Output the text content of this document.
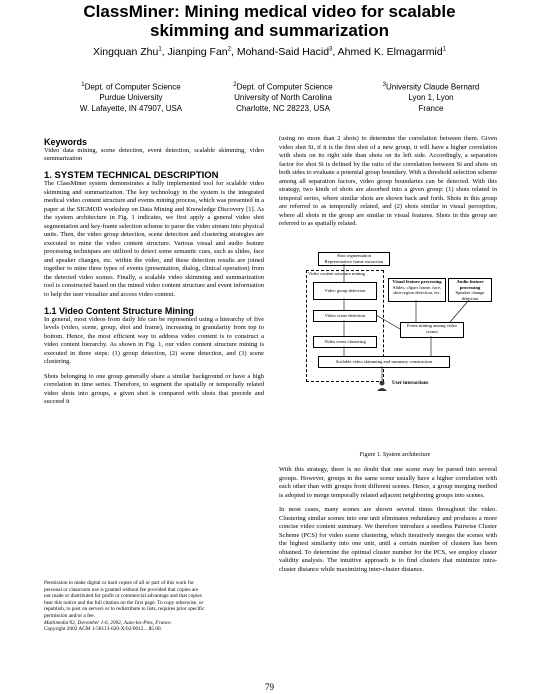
ClassMiner: Mining medical video for scalable
skimming and summarization
Xingquan Zhu$^1$, Jianping Fan$^2$, Mohand-Said Hacid$^3$, Ahmed K. Elmagarmid$^1$
$^1$Dept. of Computer Science
Purdue University
W. Lafayette, IN 47907, USA
$^2$Dept. of Computer Science
University of North Carolina
Charlotte, NC 28223, USA
$^3$University Claude Bernard
Lyon 1, Lyon
France
Keywords

Video data mining, scene detection, event detection, scalable skimming, video summarization

1. SYSTEM TECHNICAL DESCRIPTION

The ClassMiner system demonstrates a fully implemented tool for scalable video skimming and summarization. The key technology in the system is the integrated medical video content structure and events mining process, which was presented in a paper at the SIGMOD workshop on Data Mining and Knowledge Discovery [1]. As the system architecture in Fig. 1 indicates, we first apply a general video shot segmentation and key-frame selection scheme to parse the video stream into physical units. Then, the video group detection, scene detection and clustering strategies are executed to mine the video content structure. Various visual and audio feature processing techniques are utilized to detect some semantic cues, such as slides, face and speaker changes, etc. within the video, and these detection results are joined together to mine three types of events (presentation, dialog, clinical operation) from the detected video scenes. Finally, a scalable video skimming and summarization tool is constructed based on the mined video content structure and event information to help the user visualize and access video content.

1.1 Video Content Structure Mining

In general, most videos from daily life can be represented using a hierarchy of five levels (video, scene, group, shot and frame), increasing in granularity from top to bottom. Hence, the most efficient way to address video content is to construct a video content hierarchy. As shown in Fig. 1, our video content structure mining is executed in three steps: (1) group detection, (2) scene detection, and (3) scene clustering.

Shots belonging to one group generally share a similar background or have a high correlation in time series. Therefore, to segment the spatially or temporally related video shots into groups, a given shot is compared with shots that precede and succeed it

Permission to make digital or hard copies of all or part of this work for
personal or classroom use is granted without fee provided that copies are
not made or distributed for profit or commercial advantage and that copies
bear this notice and the full citation on the first page. To copy otherwise, or
republish, to post on servers or to redistribute to lists, requires prior specific
permission and/or a fee.
Multimedia'02, December 1-6, 2002, Juan-les-Pins, France.
Copyright 2002 ACM 1-58113-620-X/02/0012…$5.00.

(using no more than 2 shots) to determine the correlation between them. Given video shot Si, if it is the first shot of a new group, it will have a higher correlation with shots on its right side than shots on its left side. Accordingly, a separation factor for shot Si is defined by the ratio of the correlation between Si and shots on both sides to evaluate a potential group boundary. With a threshold selection scheme among all separation factors, video group boundaries can be detected. With this strategy, two kinds of shots are absorbed into a given group: (1) shots related in temporal series, where similar shots are shown back and forth. Shots in this group are referred to as temporally related, and (2) shots similar in visual perception, where all shots in the group are similar in visual features. Shots in this group are referred to as spatially related.

Shot segmentation
Representative frame extraction
Video content structure mining
Video group detection
Visual feature processing
Slides, clipart frame, face, skin-region detection, etc.
Audio feature processing
Speaker change detection
Video scene detection
Event mining among video scenes
Video scene clustering
Scalable video skimming and summary construction
User interactions
Figure 1. System architecture

With this strategy, there is no doubt that one scene may be parsed into several groups. However, groups in the same scene usually have a higher correlation with each other than with groups from different scenes. Hence, a group merging method is adopted to merge temporally related adjacent neighboring groups into scenes.

In most cases, many scenes are shown several times throughout the video. Clustering similar scenes into one unit eliminates redundancy and produces a more concise video content summary. We therefore introduce a seedless Pairwise Cluster Scheme (PCS) for video scene clustering, which iteratively merges the scenes with the highest similarity into one unit, until a certain number of clusters has been obtained. To determine the optimal cluster number for the PCS, we employ cluster validity analysis. The intuitive approach is to find clusters that minimize intra-cluster distance while maximizing inter-cluster distance.

79
